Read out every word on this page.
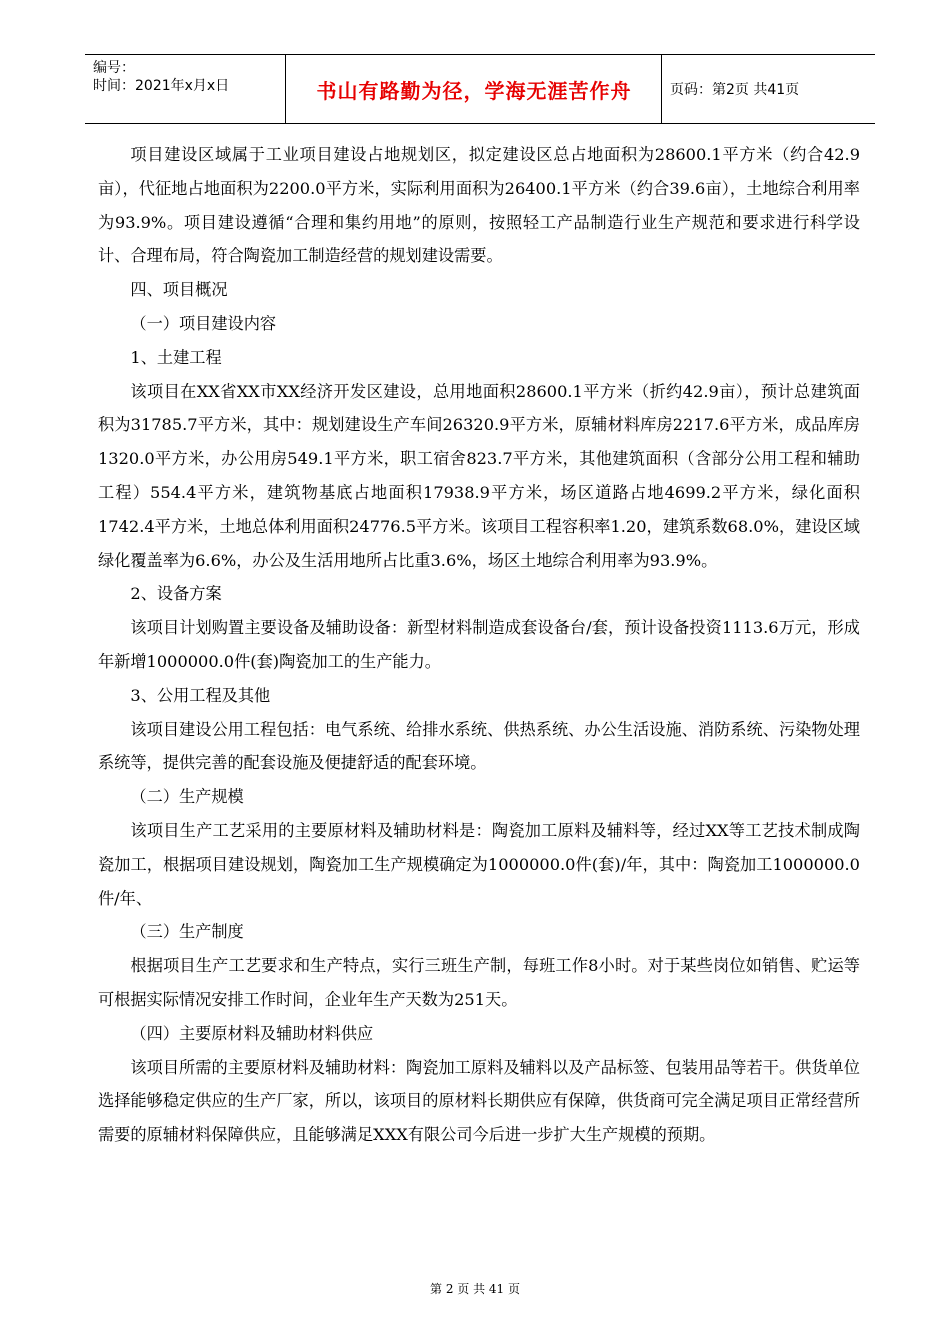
编号：
时间：2021年x月x日	书山有路勤为径，学海无涯苦作舟	页码：第2页 共41页

项目建设区域属于工业项目建设占地规划区，拟定建设区总占地面积为28600.1平方米（约合42.9亩），代征地占地面积为2200.0平方米，实际利用面积为26400.1平方米（约合39.6亩），土地综合利用率为93.9%。项目建设遵循“合理和集约用地”的原则，按照轻工产品制造行业生产规范和要求进行科学设计、合理布局，符合陶瓷加工制造经营的规划建设需要。

四、项目概况

（一）项目建设内容

1、土建工程

该项目在XX省XX市XX经济开发区建设，总用地面积28600.1平方米（折约42.9亩），预计总建筑面积为31785.7平方米，其中：规划建设生产车间26320.9平方米，原辅材料库房2217.6平方米，成品库房1320.0平方米，办公用房549.1平方米，职工宿舍823.7平方米，其他建筑面积（含部分公用工程和辅助工程）554.4平方米，建筑物基底占地面积17938.9平方米，场区道路占地4699.2平方米，绿化面积1742.4平方米，土地总体利用面积24776.5平方米。该项目工程容积率1.20，建筑系数68.0%，建设区域绿化覆盖率为6.6%，办公及生活用地所占比重3.6%，场区土地综合利用率为93.9%。

2、设备方案

该项目计划购置主要设备及辅助设备：新型材料制造成套设备台/套，预计设备投资1113.6万元，形成年新增1000000.0件(套)陶瓷加工的生产能力。

3、公用工程及其他

该项目建设公用工程包括：电气系统、给排水系统、供热系统、办公生活设施、消防系统、污染物处理系统等，提供完善的配套设施及便捷舒适的配套环境。

（二）生产规模

该项目生产工艺采用的主要原材料及辅助材料是：陶瓷加工原料及辅料等，经过XX等工艺技术制成陶瓷加工，根据项目建设规划，陶瓷加工生产规模确定为1000000.0件(套)/年，其中：陶瓷加工1000000.0件/年、

（三）生产制度

根据项目生产工艺要求和生产特点，实行三班生产制，每班工作8小时。对于某些岗位如销售、贮运等可根据实际情况安排工作时间，企业年生产天数为251天。

（四）主要原材料及辅助材料供应

该项目所需的主要原材料及辅助材料：陶瓷加工原料及辅料以及产品标签、包装用品等若干。供货单位选择能够稳定供应的生产厂家，所以，该项目的原材料长期供应有保障，供货商可完全满足项目正常经营所需要的原辅材料保障供应，且能够满足XXX有限公司今后进一步扩大生产规模的预期。

第 2 页 共 41 页
